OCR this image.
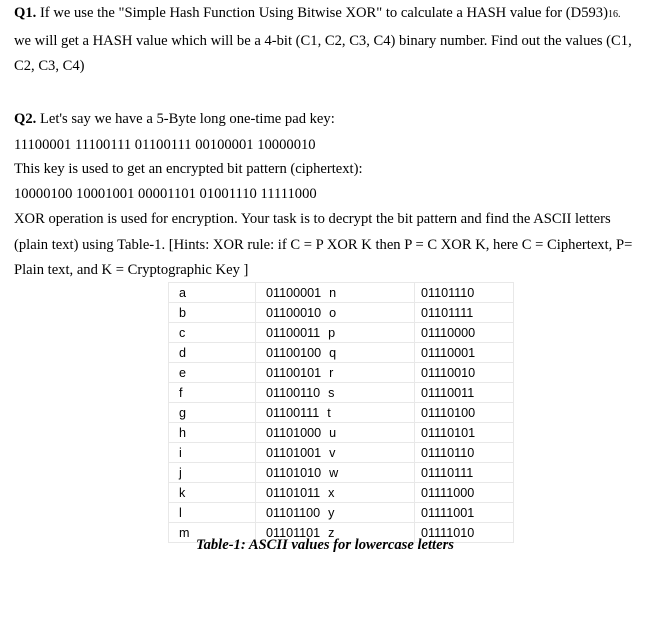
Q1. If we use the "Simple Hash Function Using Bitwise XOR" to calculate a HASH value for (D593)16.
we will get a HASH value which will be a 4-bit (C1, C2, C3, C4) binary number. Find out the values (C1,
C2, C3, C4)
Q2. Let's say we have a 5-Byte long one-time pad key:
11100001 11100111 01100111 00100001 10000010
This key is used to get an encrypted bit pattern (ciphertext):
10000100 10001001 00001101 01001110 11111000
XOR operation is used for encryption. Your task is to decrypt the bit pattern and find the ASCII letters
(plain text) using Table-1. [Hints: XOR rule: if C = P XOR K then P = C XOR K, here C = Ciphertext, P=
Plain text, and K = Cryptographic Key ]
a	01100001 n	01101110
b	01100010 o	01101111
c	01100011 p	01110000
d	01100100 q	01110001
e	01100101 r	01110010
f	01100110 s	01110011
g	01100111 t	01110100
h	01101000 u	01110101
i	01101001 v	01110110
j	01101010 w	01110111
k	01101011 x	01111000
l	01101100 y	01111001
m	01101101 z	01111010
Table-1: ASCII values for lowercase letters
